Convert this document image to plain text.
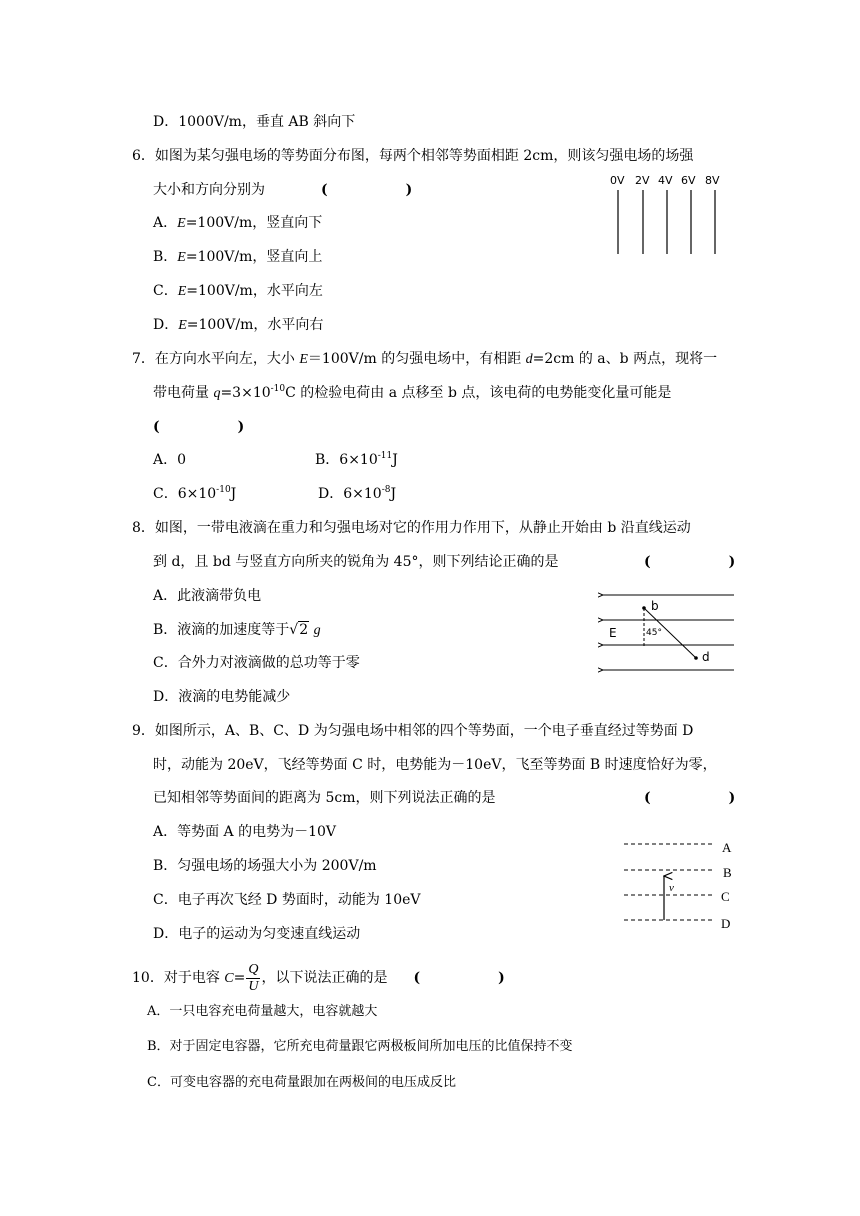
D．1000V/m，垂直 AB 斜向下
6．如图为某匀强电场的等势面分布图，每两个相邻等势面相距 2cm，则该匀强电场的场强
大小和方向分别为	(                )
A．E=100V/m，竖直向下
B．E=100V/m，竖直向上
C．E=100V/m，水平向左
D．E=100V/m，水平向右
0V 2V 4V 6V 8V
7．在方向水平向左，大小 E＝100V/m 的匀强电场中，有相距 d=2cm 的 a、b 两点，现将一
带电荷量 $q=3\times 10^{-10}C$ 的检验电荷由 a 点移至 b 点，该电荷的电势能变化量可能是
(                )
A．0	B．$6\times 10^{-11}J$
C．$6\times 10^{-10}J$	D．$6\times 10^{-8}J$
8．如图，一带电液滴在重力和匀强电场对它的作用力作用下，从静止开始由 b 沿直线运动
到 d，且 bd 与竖直方向所夹的锐角为 45°，则下列结论正确的是	(                )
A．此液滴带负电
B．液滴的加速度等于√2 g
C．合外力对液滴做的总功等于零
D．液滴的电势能减少
E
b
d
45°
9．如图所示，A、B、C、D 为匀强电场中相邻的四个等势面，一个电子垂直经过等势面 D
时，动能为 20eV，飞经等势面 C 时，电势能为－10eV，飞至等势面 B 时速度恰好为零，
已知相邻等势面间的距离为 5cm，则下列说法正确的是	(                )
A．等势面 A 的电势为－10V
B．匀强电场的场强大小为 200V/m
C．电子再次飞经 D 势面时，动能为 10eV
D．电子的运动为匀变速直线运动
A
B
C
D
v
10．对于电容 $C= \frac{Q}{U}$ ，以下说法正确的是 (                )
A．一只电容充电荷量越大，电容就越大
B．对于固定电容器，它所充电荷量跟它两极板间所加电压的比值保持不变
C．可变电容器的充电荷量跟加在两极间的电压成反比
